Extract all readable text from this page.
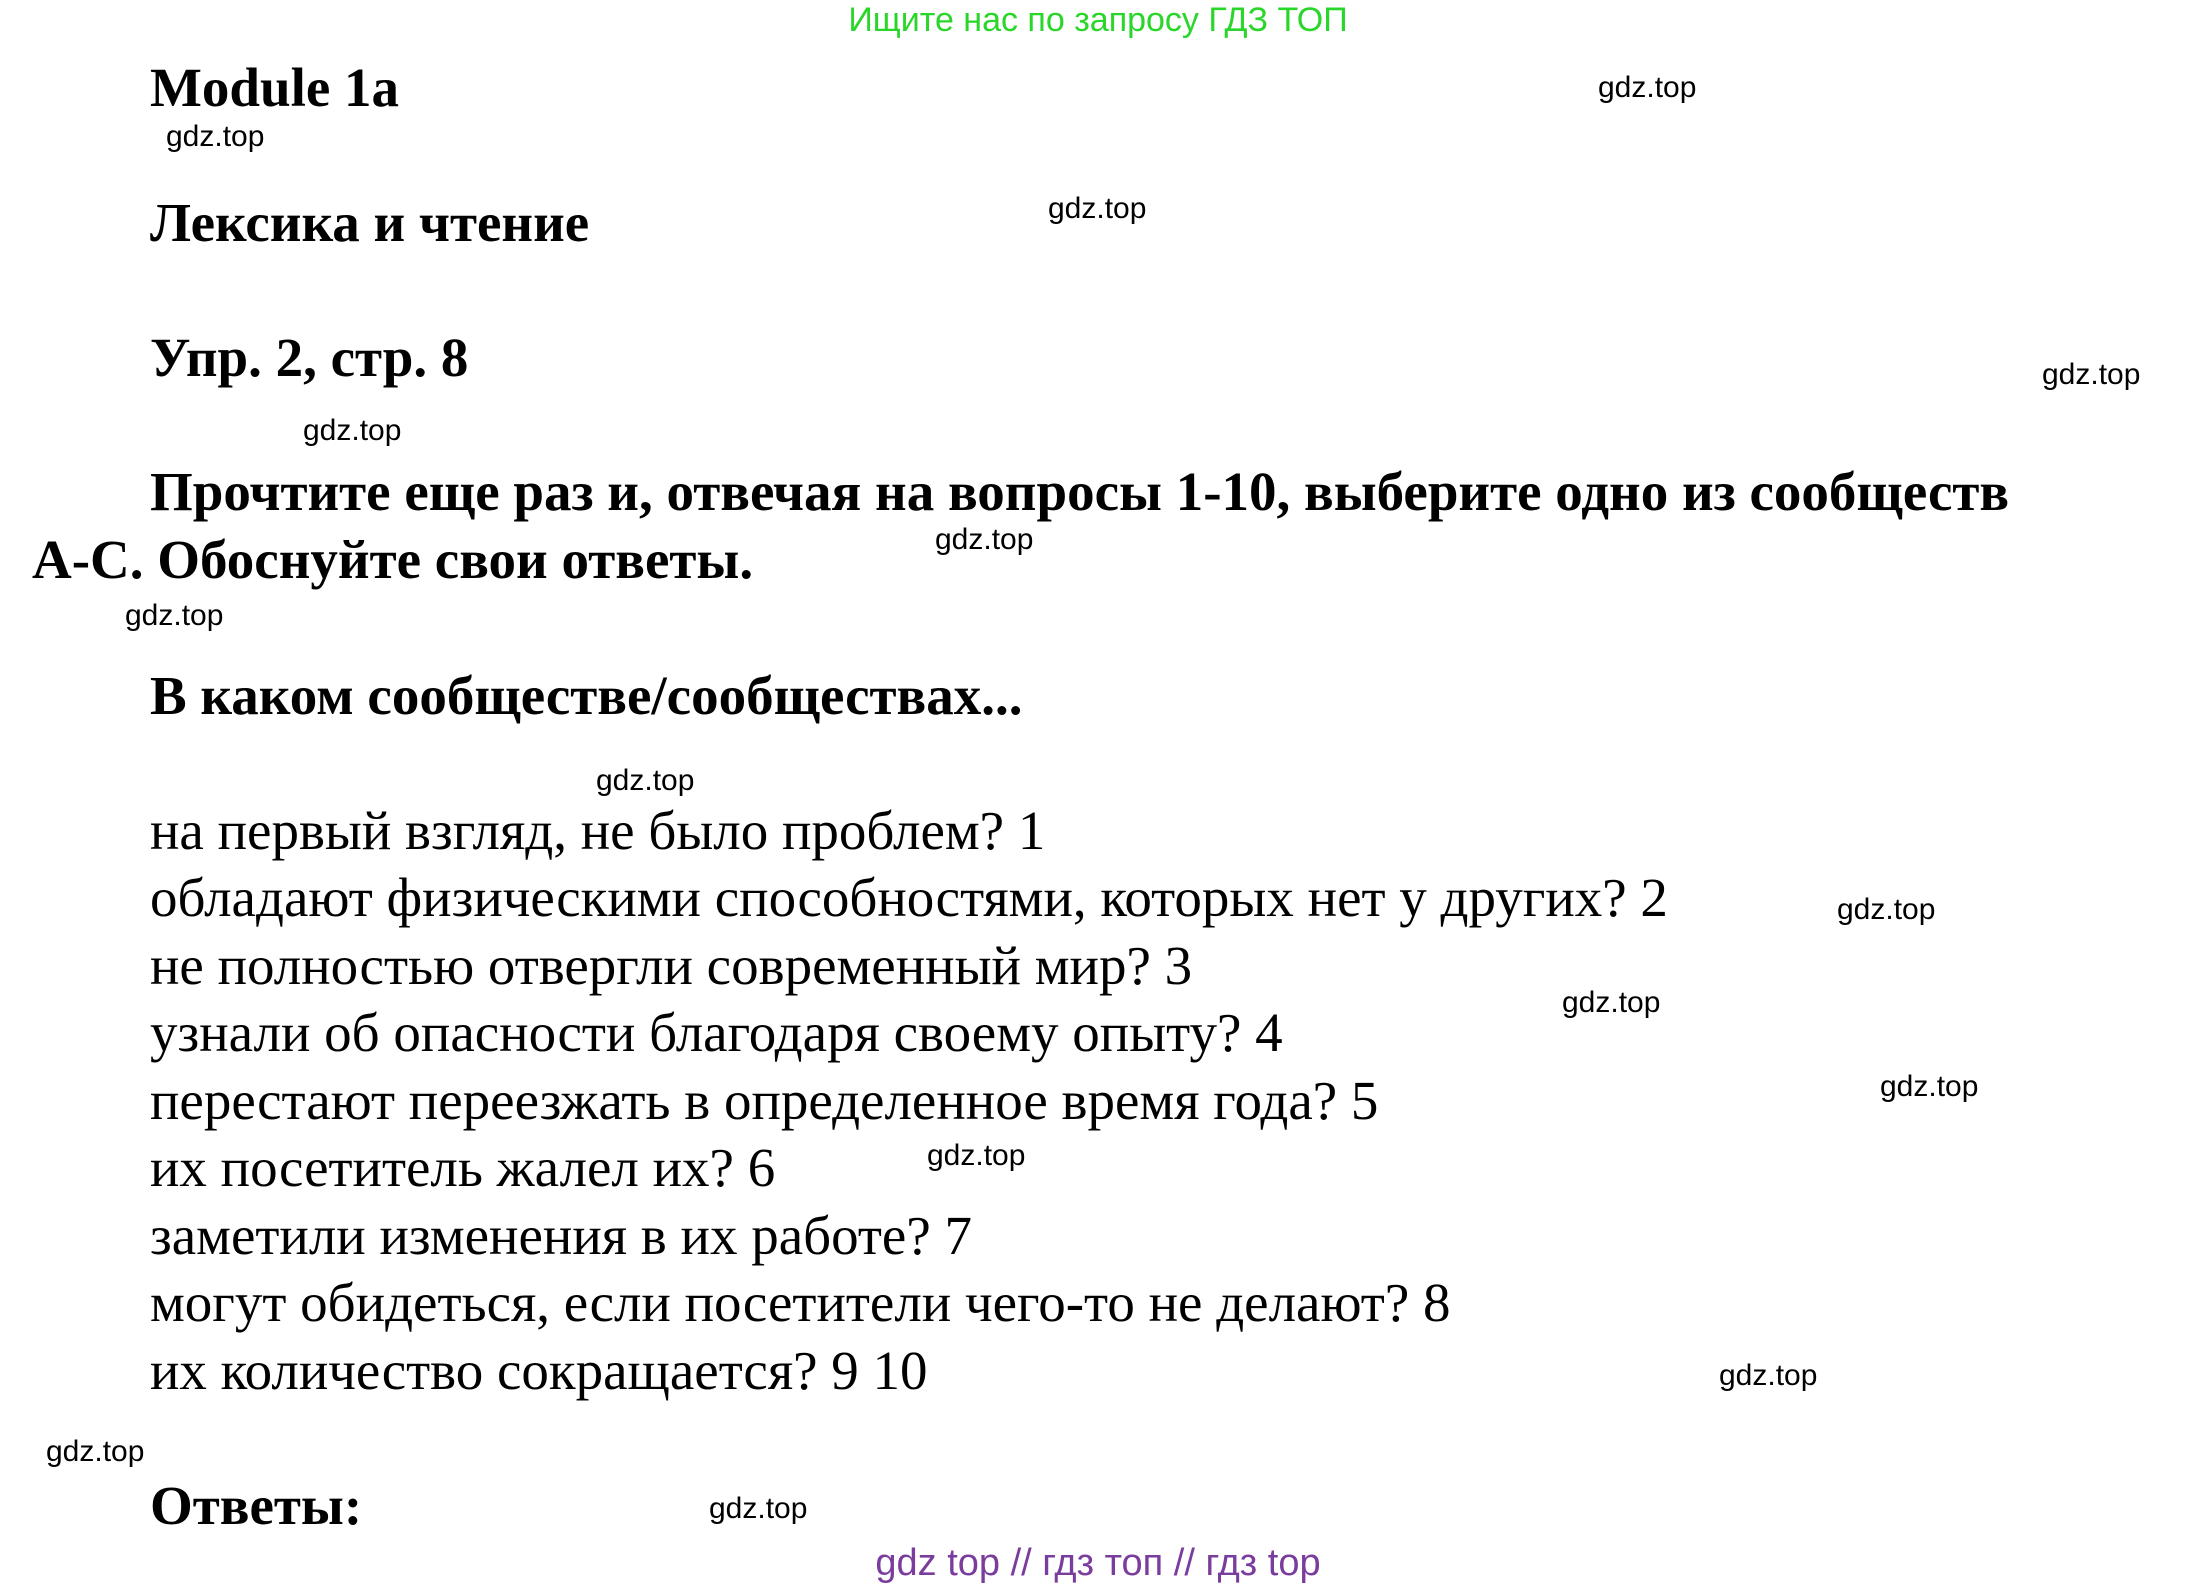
Ищите нас по запросу ГДЗ ТОП
Module 1a
Лексика и чтение
Упр. 2, стр. 8
Прочтите еще раз и, отвечая на вопросы 1-10, выберите одно из сообществ
A-C. Обоснуйте свои ответы.
В каком сообществе/сообществах...
на первый взгляд, не было проблем? 1
обладают физическими способностями, которых нет у других? 2
не полностью отвергли современный мир? 3
узнали об опасности благодаря своему опыту? 4
перестают переезжать в определенное время года? 5
их посетитель жалел их? 6
заметили изменения в их работе? 7
могут обидеться, если посетители чего-то не делают? 8
их количество сокращается? 9 10
Ответы:
gdz.top
gdz.top
gdz.top
gdz.top
gdz.top
gdz.top
gdz.top
gdz.top
gdz.top
gdz.top
gdz.top
gdz.top
gdz.top
gdz.top
gdz.top
gdz top // гдз топ // гдз top
